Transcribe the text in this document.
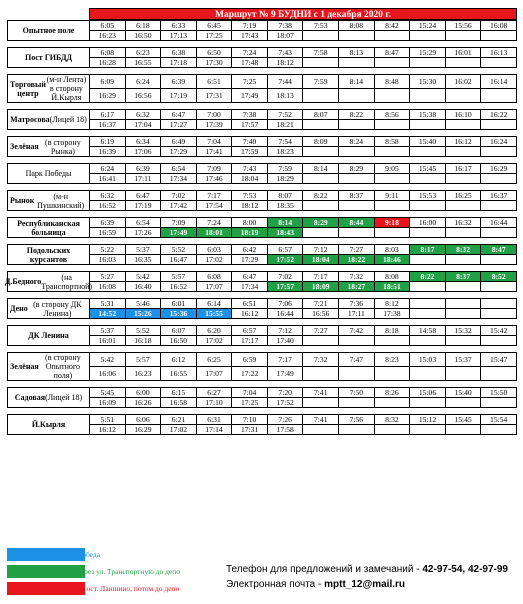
Маршрут № 9 БУДНИ с 1 декабря 2020 г.
Опытное поле
6:05	6:18	6:33	6:45	7:19	7:38	7:53	8:08	8:42	15:24	15:56	16:08
16:23	16:50	17:13	17:25	17:43	18:07						
Пост ГИБДД
6:08	6:23	6:38	6:50	7:24	7:43	7:58	8:13	8:47	15:29	16:01	16:13
16:28	16:55	17:18	17:30	17:48	18:12						
Торговый центр
(м-н Лента) в сторону Й.Кырля
6:09	6:24	6:39	6:51	7:25	7:44	7:59	8:14	8:48	15:30	16:02	16:14
16:29	16:56	17:19	17:31	17:49	18:13						
Матросова (Лицей 18)
6:17	6:32	6:47	7:00	7:38	7:52	8:07	8:22	8:56	15:38	16:10	16:22
16:37	17:04	17:27	17:39	17:57	18:21						
Зелёная (в сторону Рынка)
6:19	6:34	6:49	7:04	7:40	7:54	8:09	8:24	8:58	15:40	16:12	16:24
16:39	17:06	17:29	17:41	17:59	18:23						
Парк Победы
6:24	6:39	6:54	7:09	7:43	7:59	8:14	8:29	9:05	15:45	16:17	16:29
16:41	17:11	17:34	17:46	18:04	18:29						
Рынок (м-н Пушкинский)
6:32	6:47	7:02	7:17	7:53	8:07	8:22	8:37	9:11	15:53	16:25	16:37
16:52	17:19	17:42	17:54	18:12	18:35						
Республиканская больница
6:39	6:54	7:09	7:24	8:00	8:14	8:29	8:44	9:18	16:00	16:32	16:44
16:59	17:26	17:49	18:01	18:19	18:43						
Подольских курсантов
5:22	5:37	5:52	6:03	6:42	6:57	7:12	7:27	8:03	8:17	8:32	8:47
16:03	16:35	16:47	17:02	17:29	17:52	18:04	18:22	18:46			
Д.Беднoго	(на Транспортной)
5:27	5:42	5:57	6:08	6:47	7:02	7:17	7:32	8:08	8:22	8:37	8:52
16:08	16:40	16:52	17:07	17:34	17:57	18:09	18:27	18:51			
Дено (в сторону ДК Ленина)
5:31	5:46	6:01	6:14	6:51	7:06	7:21	7:36	8:12			
14:52	15:26	15:36	15:55	16:12	16:44	16:56	17:11	17:38			
ДК Ленина
5:37	5:52	6:07	6:20	6:57	7:12	7:27	7:42	8:18	14:58	15:32	15:42
16:01	16:18	16:50	17:02	17:17	17:40						
Зелёная
(в сторону Опытного поля)
5:42	5:57	6:12	6:25	6:59	7:17	7:32	7:47	8:23	15:03	15:37	15:47
16:06	16:23	16:55	17:07	17:22	17:49						
Садовая (Лицей 18)
5:45	6:00	6:15	6:27	7:04	7:20	7:41	7:50	8:26	15:06	15:40	15:50
16:09	16:26	16:58	17:10	17:25	17:52						
Й.Кырля
5:51	6:06	6:21	6:31	7:10	7:26	7:41	7:56	8:32	15:12	15:45	15:54
16:12	16:29	17:02	17:14	17:31	17:58						
с обеда
через ул. Транспортную до депо
до ост. Ланшино, потом до депо
Телефон для предложений и замечаний - 42-97-54, 42-97-99
Электронная почта - mptt_12@mail.ru
